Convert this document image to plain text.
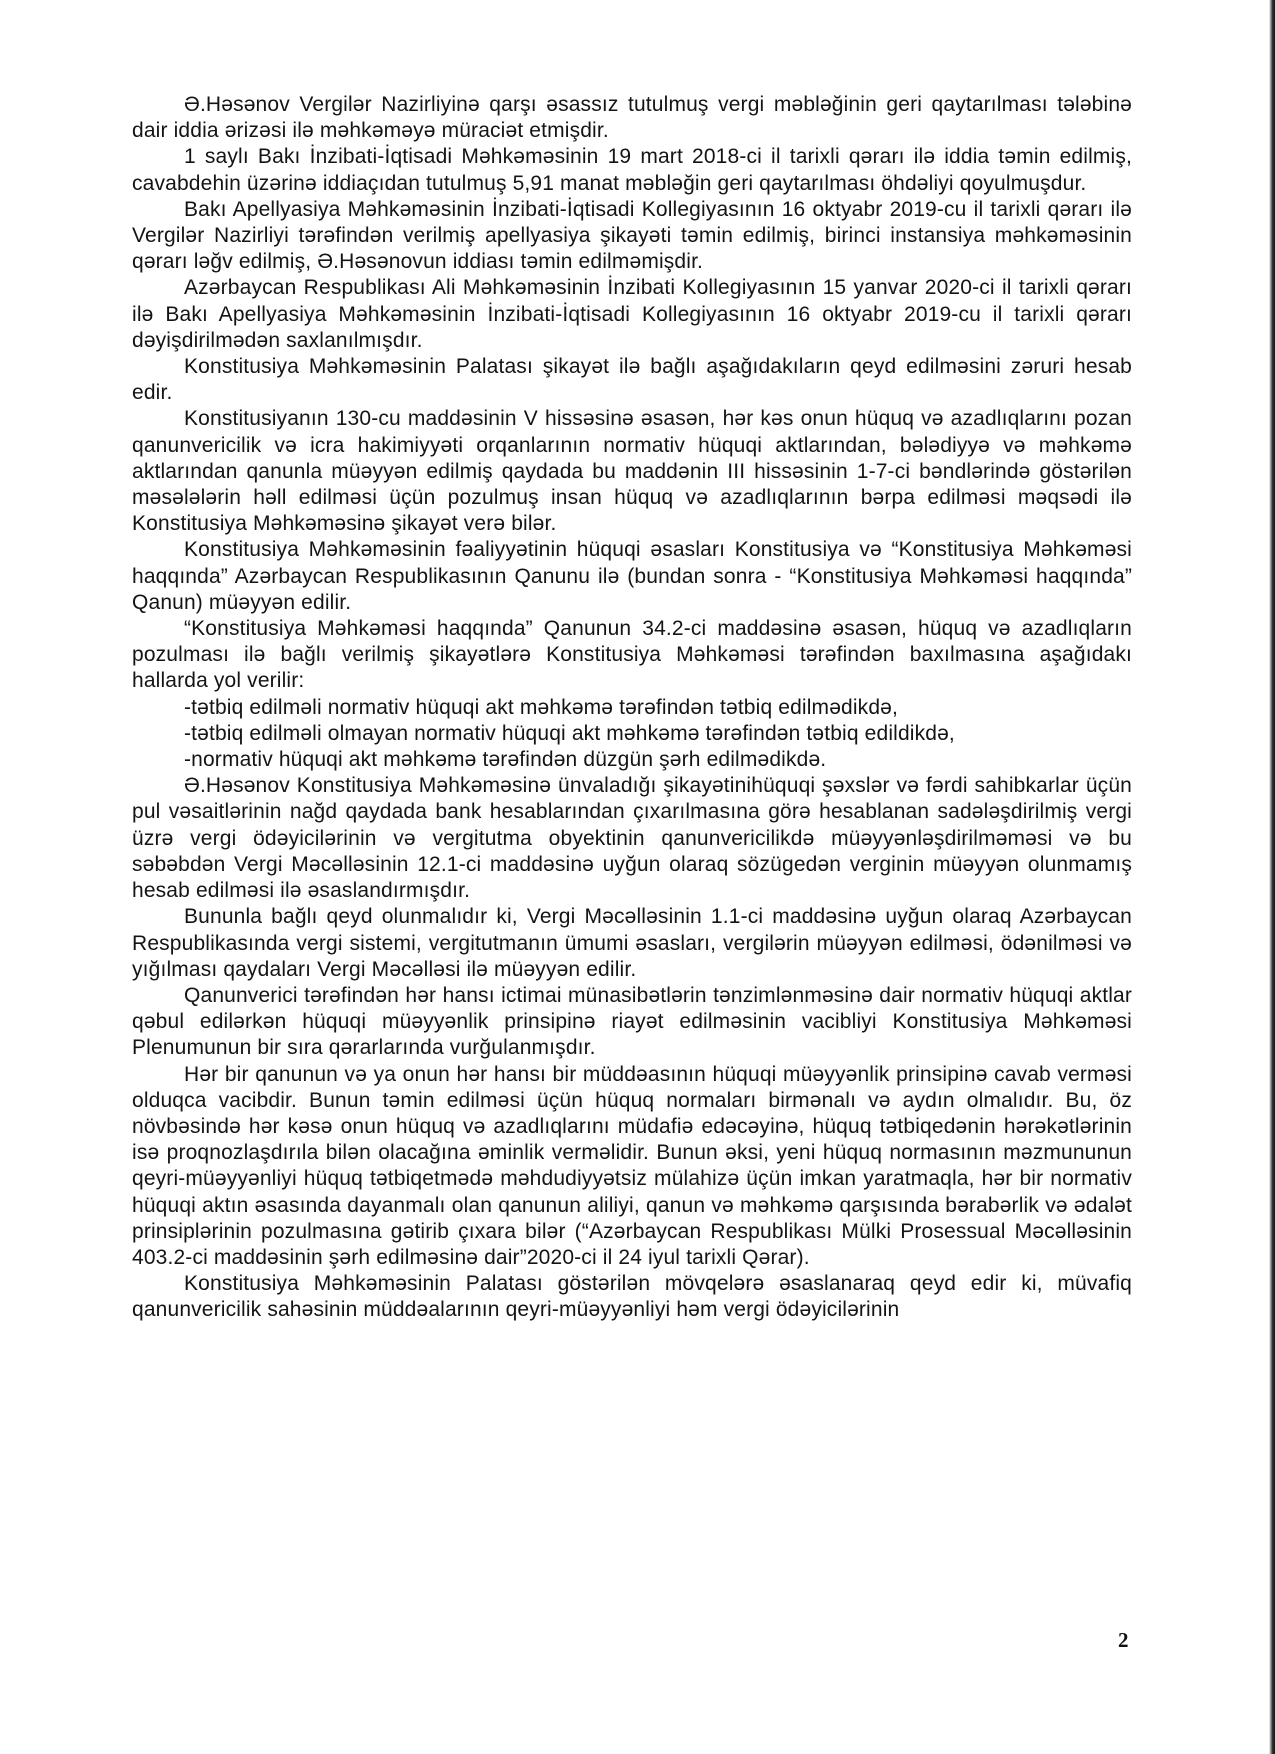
Ə.Həsənov Vergilər Nazirliyinə qarşı əsassız tutulmuş vergi məbləğinin geri qaytarılması tələbinə dair iddia ərizəsi ilə məhkəməyə müraciət etmişdir.

1 saylı Bakı İnzibati-İqtisadi Məhkəməsinin 19 mart 2018-ci il tarixli qərarı ilə iddia təmin edilmiş, cavabdehin üzərinə iddiaçıdan tutulmuş 5,91 manat məbləğin geri qaytarılması öhdəliyi qoyulmuşdur.

Bakı Apellyasiya Məhkəməsinin İnzibati-İqtisadi Kollegiyasının 16 oktyabr 2019-cu il tarixli qərarı ilə Vergilər Nazirliyi tərəfindən verilmiş apellyasiya şikayəti təmin edilmiş, birinci instansiya məhkəməsinin qərarı ləğv edilmiş, Ə.Həsənovun iddiası təmin edilməmişdir.

Azərbaycan Respublikası Ali Məhkəməsinin İnzibati Kollegiyasının 15 yanvar 2020-ci il tarixli qərarı ilə Bakı Apellyasiya Məhkəməsinin İnzibati-İqtisadi Kollegiyasının 16 oktyabr 2019-cu il tarixli qərarı dəyişdirilmədən saxlanılmışdır.

Konstitusiya Məhkəməsinin Palatası şikayət ilə bağlı aşağıdakıların qeyd edilməsini zəruri hesab edir.

Konstitusiyanın 130-cu maddəsinin V hissəsinə əsasən, hər kəs onun hüquq və azadlıqlarını pozan qanunvericilik və icra hakimiyyəti orqanlarının normativ hüquqi aktlarından, bələdiyyə və məhkəmə aktlarından qanunla müəyyən edilmiş qaydada bu maddənin III hissəsinin 1-7-ci bəndlərində göstərilən məsələlərin həll edilməsi üçün pozulmuş insan hüquq və azadlıqlarının bərpa edilməsi məqsədi ilə Konstitusiya Məhkəməsinə şikayət verə bilər.

Konstitusiya Məhkəməsinin fəaliyyətinin hüquqi əsasları Konstitusiya və “Konstitusiya Məhkəməsi haqqında” Azərbaycan Respublikasının Qanunu ilə (bundan sonra - “Konstitusiya Məhkəməsi haqqında” Qanun) müəyyən edilir.

“Konstitusiya Məhkəməsi haqqında” Qanunun 34.2-ci maddəsinə əsasən, hüquq və azadlıqların pozulması ilə bağlı verilmiş şikayətlərə Konstitusiya Məhkəməsi tərəfindən baxılmasına aşağıdakı hallarda yol verilir:

-tətbiq edilməli normativ hüquqi akt məhkəmə tərəfindən tətbiq edilmədikdə,

-tətbiq edilməli olmayan normativ hüquqi akt məhkəmə tərəfindən tətbiq edildikdə,

-normativ hüquqi akt məhkəmə tərəfindən düzgün şərh edilmədikdə.

Ə.Həsənov Konstitusiya Məhkəməsinə ünvaladığı şikayətinihüquqi şəxslər və fərdi sahibkarlar üçün pul vəsaitlərinin nağd qaydada bank hesablarından çıxarılmasına görə hesablanan sadələşdirilmiş vergi üzrə vergi ödəyicilərinin və vergitutma obyektinin qanunvericilikdə müəyyənləşdirilməməsi və bu səbəbdən Vergi Məcəlləsinin 12.1-ci maddəsinə uyğun olaraq sözügedən verginin müəyyən olunmamış hesab edilməsi ilə əsaslandırmışdır.

Bununla bağlı qeyd olunmalıdır ki, Vergi Məcəlləsinin 1.1-ci maddəsinə uyğun olaraq Azərbaycan Respublikasında vergi sistemi, vergitutmanın ümumi əsasları, vergilərin müəyyən edilməsi, ödənilməsi və yığılması qaydaları Vergi Məcəlləsi ilə müəyyən edilir.

Qanunverici tərəfindən hər hansı ictimai münasibətlərin tənzimlənməsinə dair normativ hüquqi aktlar qəbul edilərkən hüquqi müəyyənlik prinsipinə riayət edilməsinin vacibliyi Konstitusiya Məhkəməsi Plenumunun bir sıra qərarlarında vurğulanmışdır.

Hər bir qanunun və ya onun hər hansı bir müddəasının hüquqi müəyyənlik prinsipinə cavab verməsi olduqca vacibdir. Bunun təmin edilməsi üçün hüquq normaları birmənalı və aydın olmalıdır. Bu, öz növbəsində hər kəsə onun hüquq və azadlıqlarını müdafiə edəcəyinə, hüquq tətbiqedənin hərəkətlərinin isə proqnozlaşdırıla bilən olacağına əminlik verməlidir. Bunun əksi, yeni hüquq normasının məzmununun qeyri-müəyyənliyi hüquq tətbiqetmədə məhdudiyyətsiz mülahizə üçün imkan yaratmaqla, hər bir normativ hüquqi aktın əsasında dayanmalı olan qanunun aliliyi, qanun və məhkəmə qarşısında bərabərlik və ədalət prinsiplərinin pozulmasına gətirib çıxara bilər (“Azərbaycan Respublikası Mülki Prosessual Məcəlləsinin 403.2-ci maddəsinin şərh edilməsinə dair”2020-ci il 24 iyul tarixli Qərar).

Konstitusiya Məhkəməsinin Palatası göstərilən mövqelərə əsaslanaraq qeyd edir ki, müvafiq qanunvericilik sahəsinin müddəalarının qeyri-müəyyənliyi həm vergi ödəyicilərinin

2
